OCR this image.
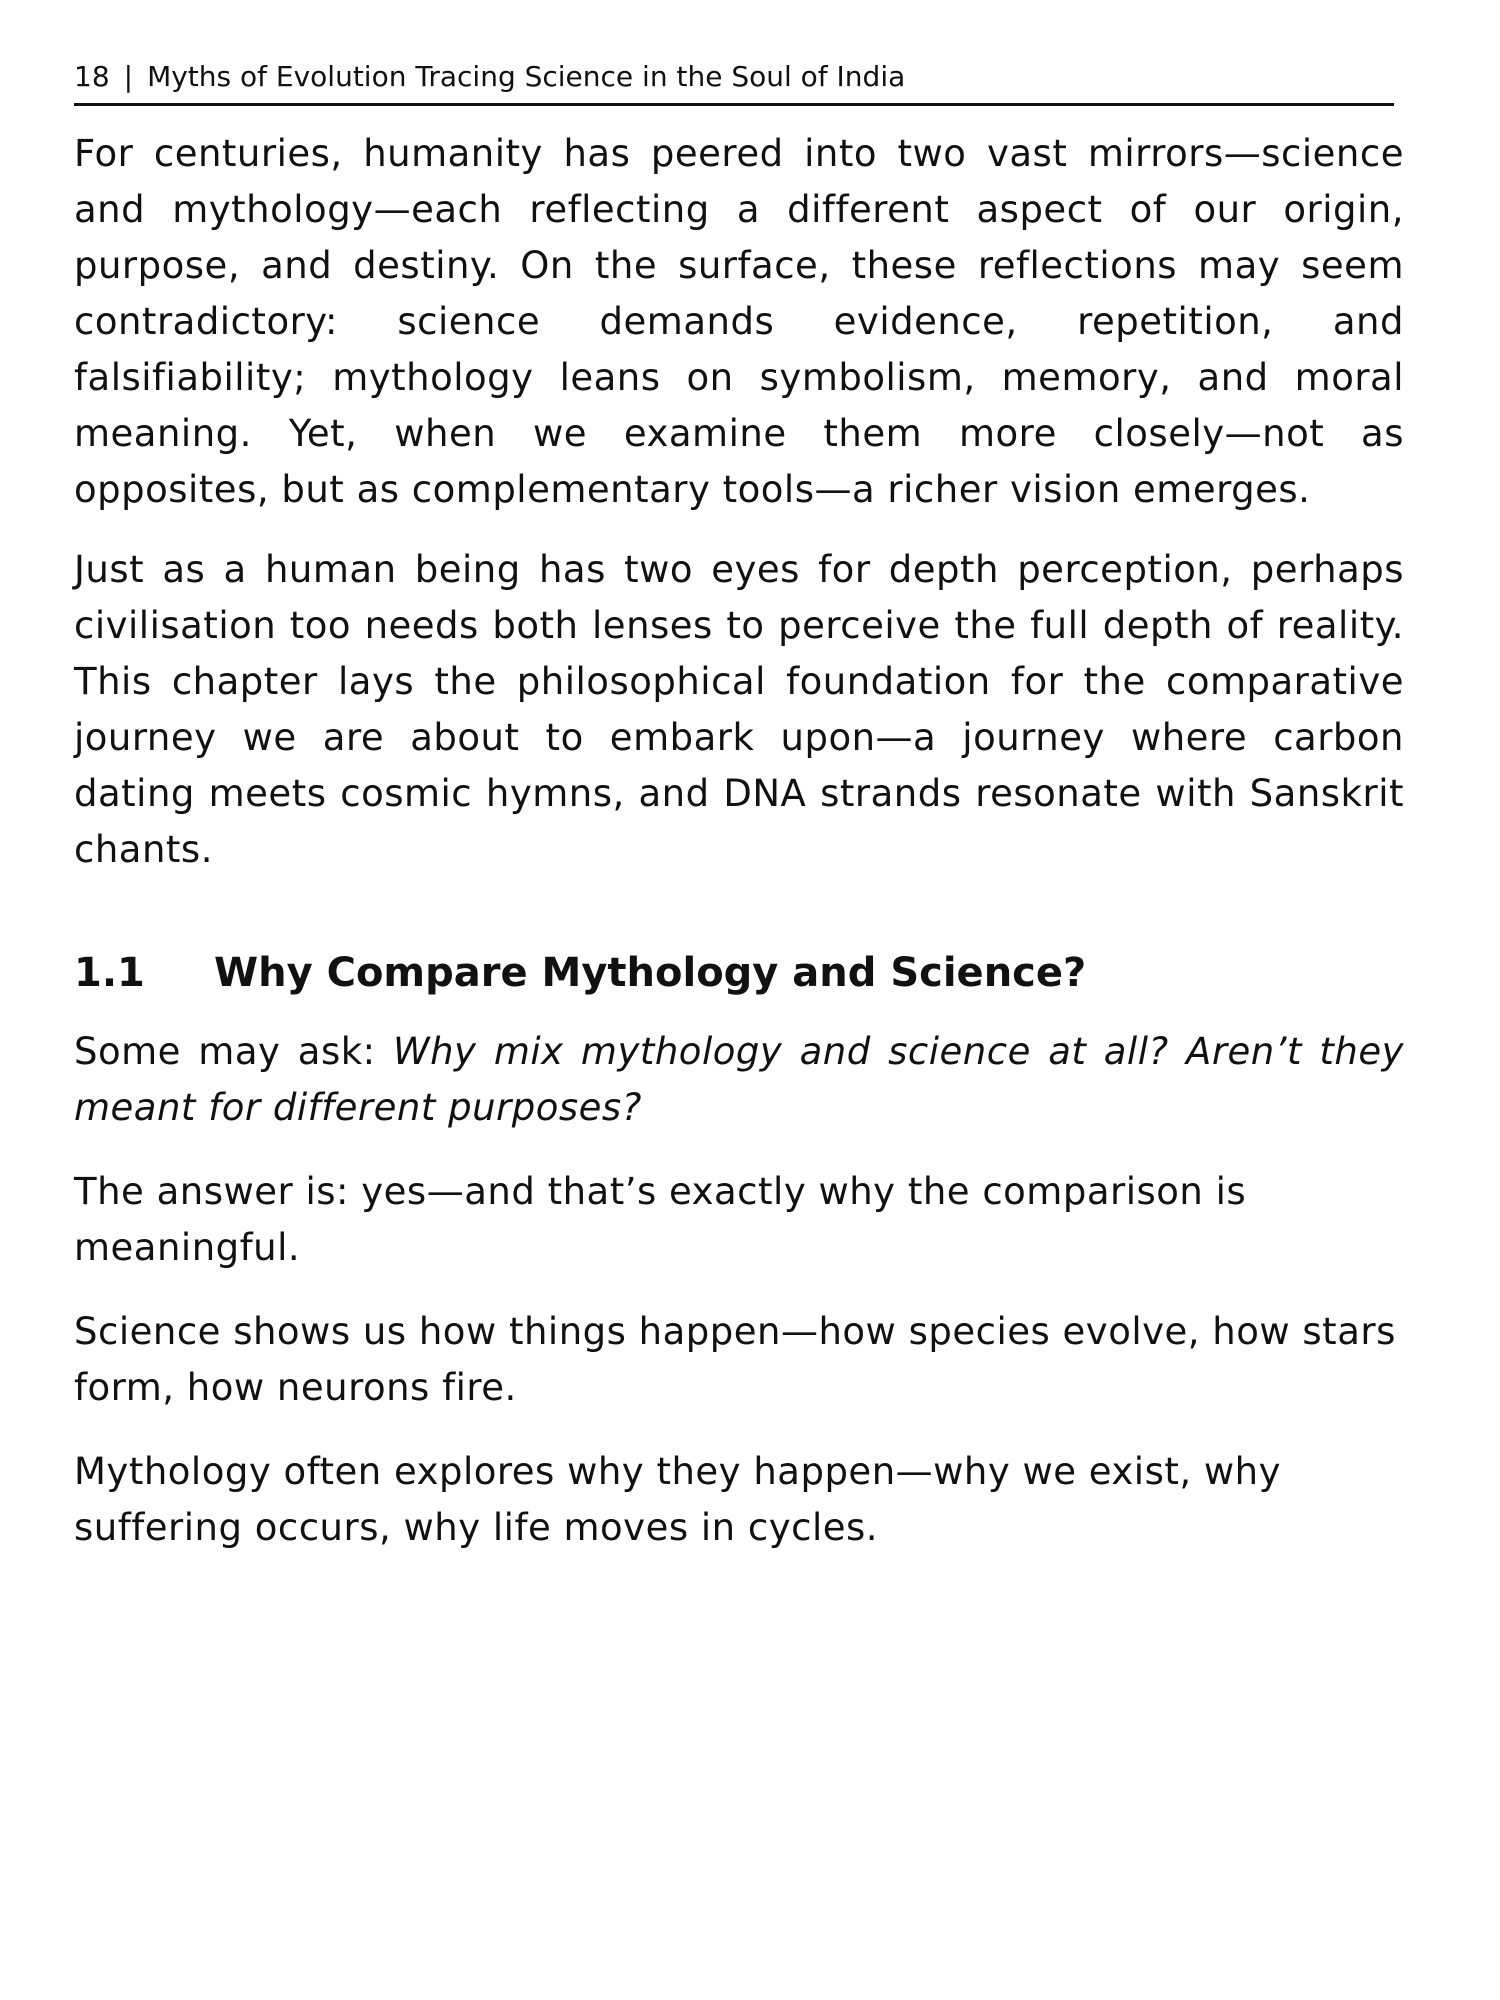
18 | Myths of Evolution Tracing Science in the Soul of India

For centuries, humanity has peered into two vast mirrors—science and mythology—each reflecting a different aspect of our origin, purpose, and destiny. On the surface, these reflections may seem contradictory: science demands evidence, repetition, and falsifiability; mythology leans on symbolism, memory, and moral meaning. Yet, when we examine them more closely—not as opposites, but as complementary tools—a richer vision emerges.

Just as a human being has two eyes for depth perception, perhaps civilisation too needs both lenses to perceive the full depth of reality. This chapter lays the philosophical foundation for the comparative journey we are about to embark upon—a journey where carbon dating meets cosmic hymns, and DNA strands resonate with Sanskrit chants.

1.1 Why Compare Mythology and Science?

Some may ask: Why mix mythology and science at all? Aren’t they meant for different purposes?

The answer is: yes—and that’s exactly why the comparison is meaningful.

Science shows us how things happen—how species evolve, how stars form, how neurons fire.

Mythology often explores why they happen—why we exist, why suffering occurs, why life moves in cycles.
